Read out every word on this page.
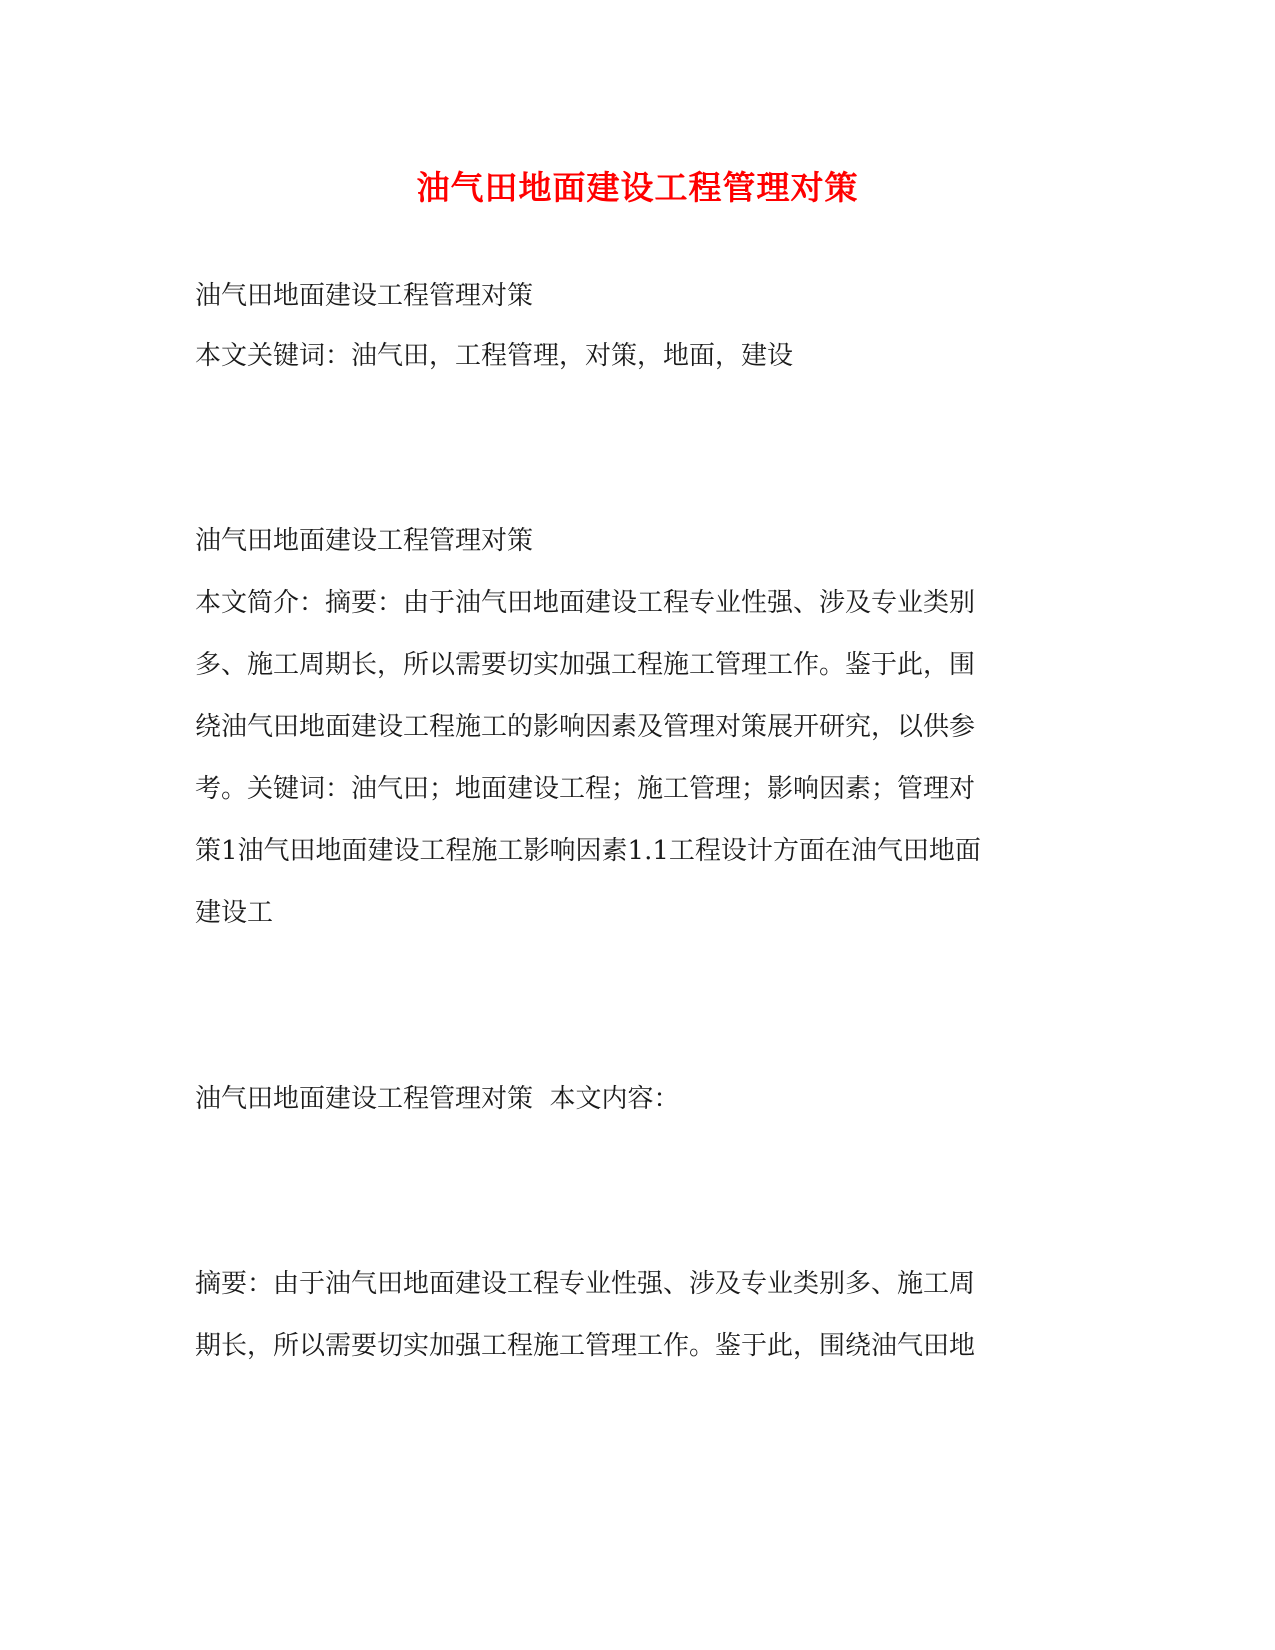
油气田地面建设工程管理对策
油气田地面建设工程管理对策
本文关键词：油气田，工程管理，对策，地面，建设
油气田地面建设工程管理对策
本文简介：摘要：由于油气田地面建设工程专业性强、涉及专业类别
多、施工周期长，所以需要切实加强工程施工管理工作。鉴于此，围
绕油气田地面建设工程施工的影响因素及管理对策展开研究，以供参
考。关键词：油气田；地面建设工程；施工管理；影响因素；管理对
策1油气田地面建设工程施工影响因素1.1工程设计方面在油气田地面
建设工
油气田地面建设工程管理对策  本文内容：
摘要：由于油气田地面建设工程专业性强、涉及专业类别多、施工周
期长，所以需要切实加强工程施工管理工作。鉴于此，围绕油气田地
